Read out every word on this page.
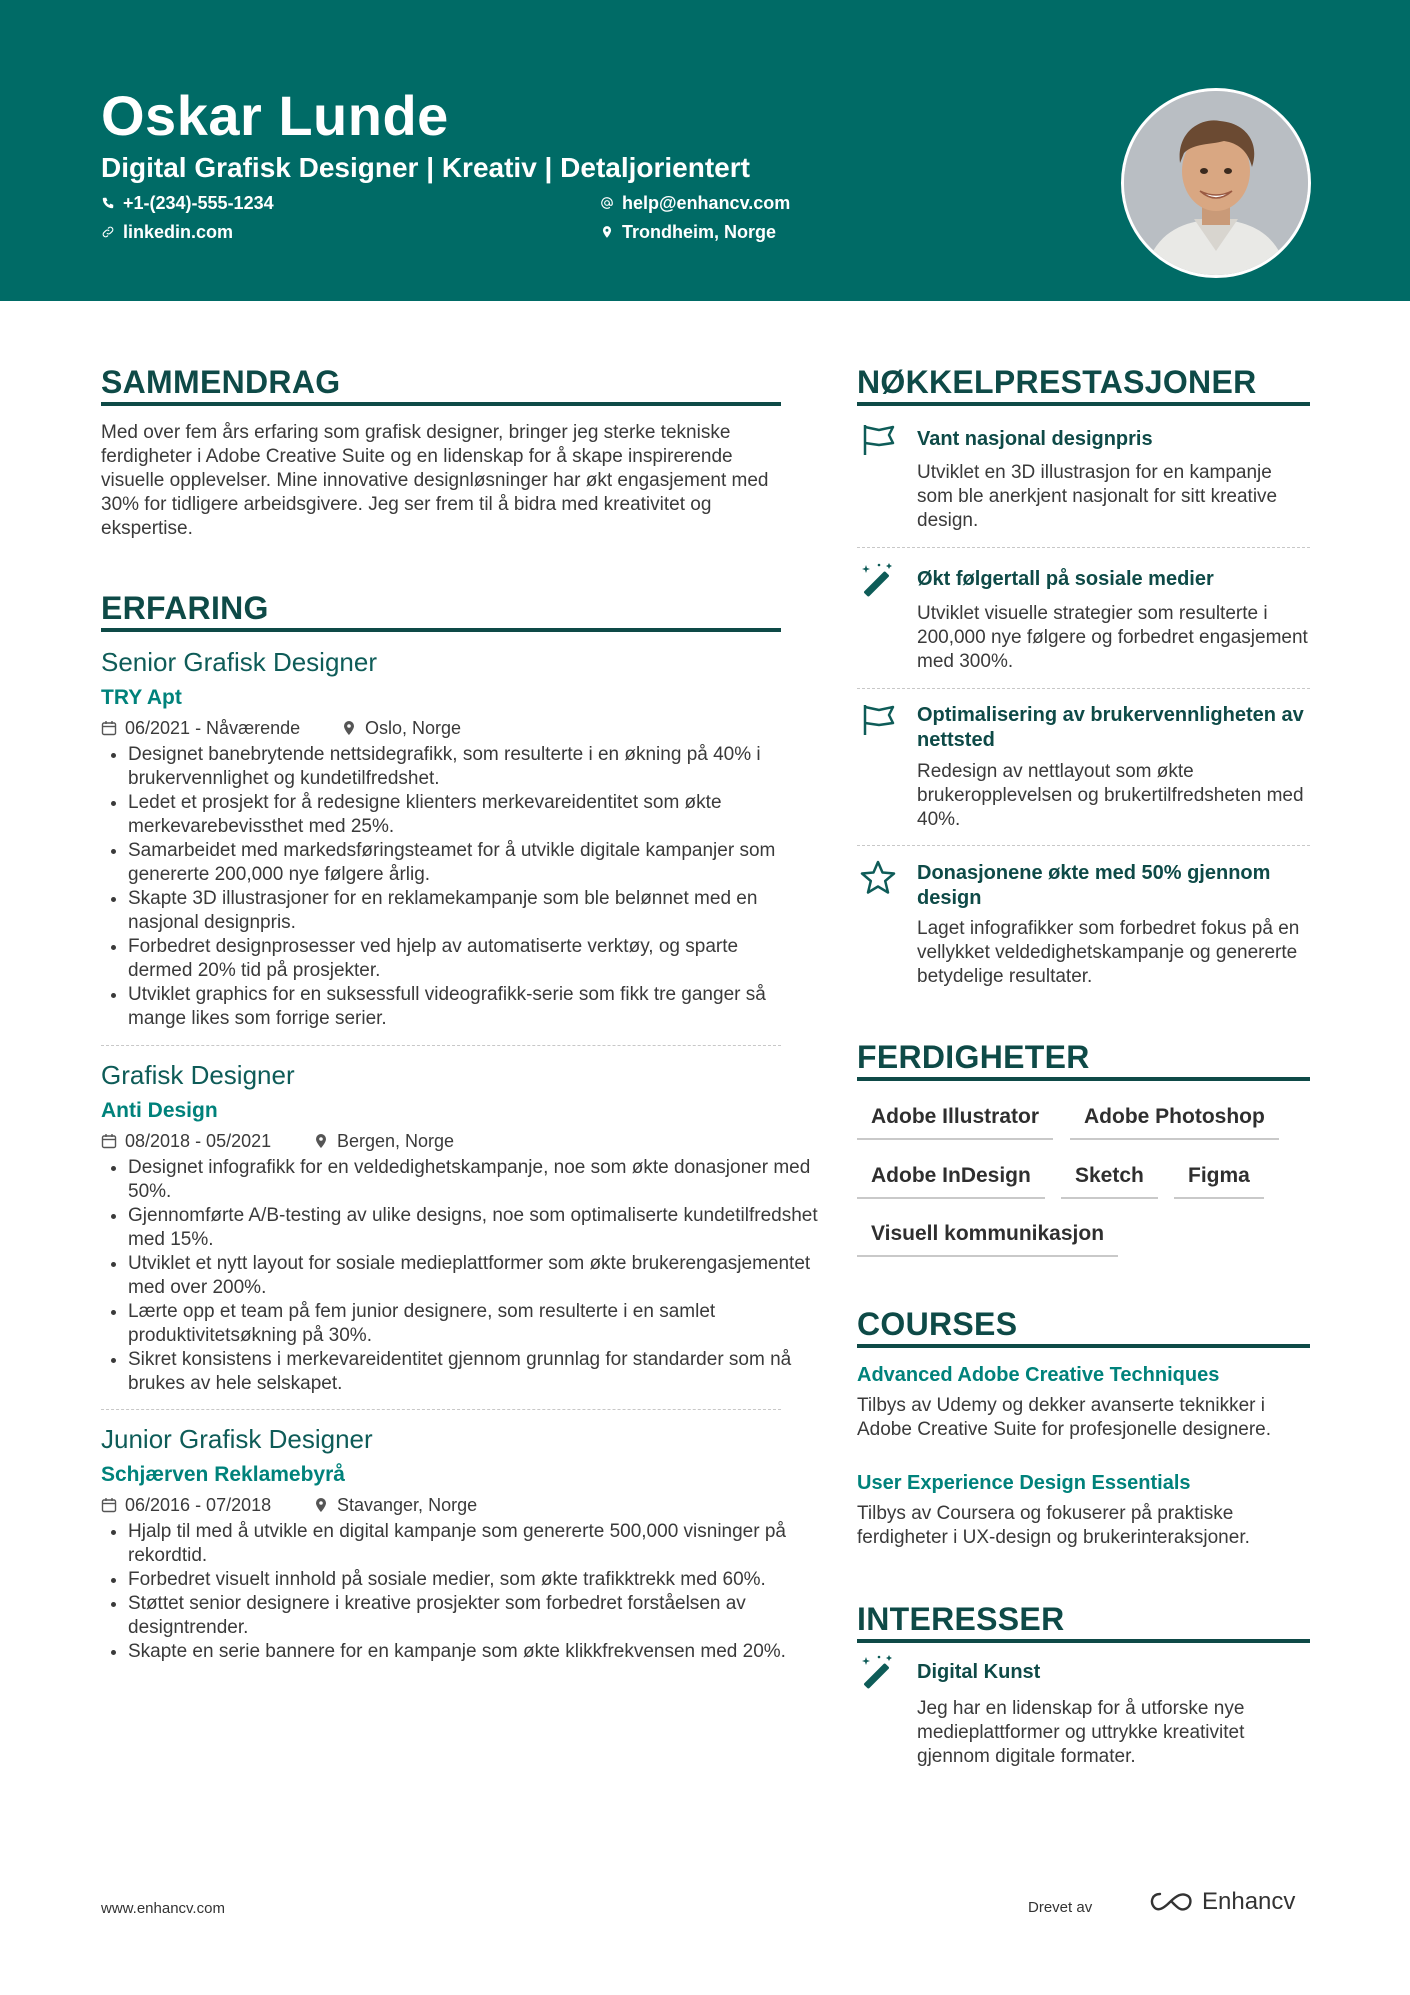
Oskar Lunde
Digital Grafisk Designer | Kreativ | Detaljorientert
+1-(234)-555-1234
linkedin.com
help@enhancv.com
Trondheim, Norge
SAMMENDRAG
Med over fem års erfaring som grafisk designer, bringer jeg sterke tekniske ferdigheter i Adobe Creative Suite og en lidenskap for å skape inspirerende visuelle opplevelser. Mine innovative designløsninger har økt engasjement med 30% for tidligere arbeidsgivere. Jeg ser frem til å bidra med kreativitet og ekspertise.
ERFARING
Senior Grafisk Designer
TRY Apt
06/2021 - Nåværende	Oslo, Norge
• Designet banebrytende nettsidegrafikk, som resulterte i en økning på 40% i brukervennlighet og kundetilfredshet.
• Ledet et prosjekt for å redesigne klienters merkevareidentitet som økte merkevarebevissthet med 25%.
• Samarbeidet med markedsføringsteamet for å utvikle digitale kampanjer som genererte 200,000 nye følgere årlig.
• Skapte 3D illustrasjoner for en reklamekampanje som ble belønnet med en nasjonal designpris.
• Forbedret designprosesser ved hjelp av automatiserte verktøy, og sparte dermed 20% tid på prosjekter.
• Utviklet graphics for en suksessfull videografikk-serie som fikk tre ganger så mange likes som forrige serier.
Grafisk Designer
Anti Design
08/2018 - 05/2021	Bergen, Norge
• Designet infografikk for en veldedighetskampanje, noe som økte donasjoner med 50%.
• Gjennomførte A/B-testing av ulike designs, noe som optimaliserte kundetilfredshet med 15%.
• Utviklet et nytt layout for sosiale medieplattformer som økte brukerengasjementet med over 200%.
• Lærte opp et team på fem junior designere, som resulterte i en samlet produktivitetsøkning på 30%.
• Sikret konsistens i merkevareidentitet gjennom grunnlag for standarder som nå brukes av hele selskapet.
Junior Grafisk Designer
Schjærven Reklamebyrå
06/2016 - 07/2018	Stavanger, Norge
• Hjalp til med å utvikle en digital kampanje som genererte 500,000 visninger på rekordtid.
• Forbedret visuelt innhold på sosiale medier, som økte trafikktrekk med 60%.
• Støttet senior designere i kreative prosjekter som forbedret forståelsen av designtrender.
• Skapte en serie bannere for en kampanje som økte klikkfrekvensen med 20%.
NØKKELPRESTASJONER
Vant nasjonal designpris
Utviklet en 3D illustrasjon for en kampanje som ble anerkjent nasjonalt for sitt kreative design.
Økt følgertall på sosiale medier
Utviklet visuelle strategier som resulterte i 200,000 nye følgere og forbedret engasjement med 300%.
Optimalisering av brukervennligheten av nettsted
Redesign av nettlayout som økte brukeropplevelsen og brukertilfredsheten med 40%.
Donasjonene økte med 50% gjennom design
Laget infografikker som forbedret fokus på en vellykket veldedighetskampanje og genererte betydelige resultater.
FERDIGHETER
Adobe Illustrator	Adobe Photoshop
Adobe InDesign	Sketch	Figma
Visuell kommunikasjon
COURSES
Advanced Adobe Creative Techniques
Tilbys av Udemy og dekker avanserte teknikker i Adobe Creative Suite for profesjonelle designere.
User Experience Design Essentials
Tilbys av Coursera og fokuserer på praktiske ferdigheter i UX-design og brukerinteraksjoner.
INTERESSER
Digital Kunst
Jeg har en lidenskap for å utforske nye medieplattformer og uttrykke kreativitet gjennom digitale formater.
www.enhancv.com	Drevet av	Enhancv
